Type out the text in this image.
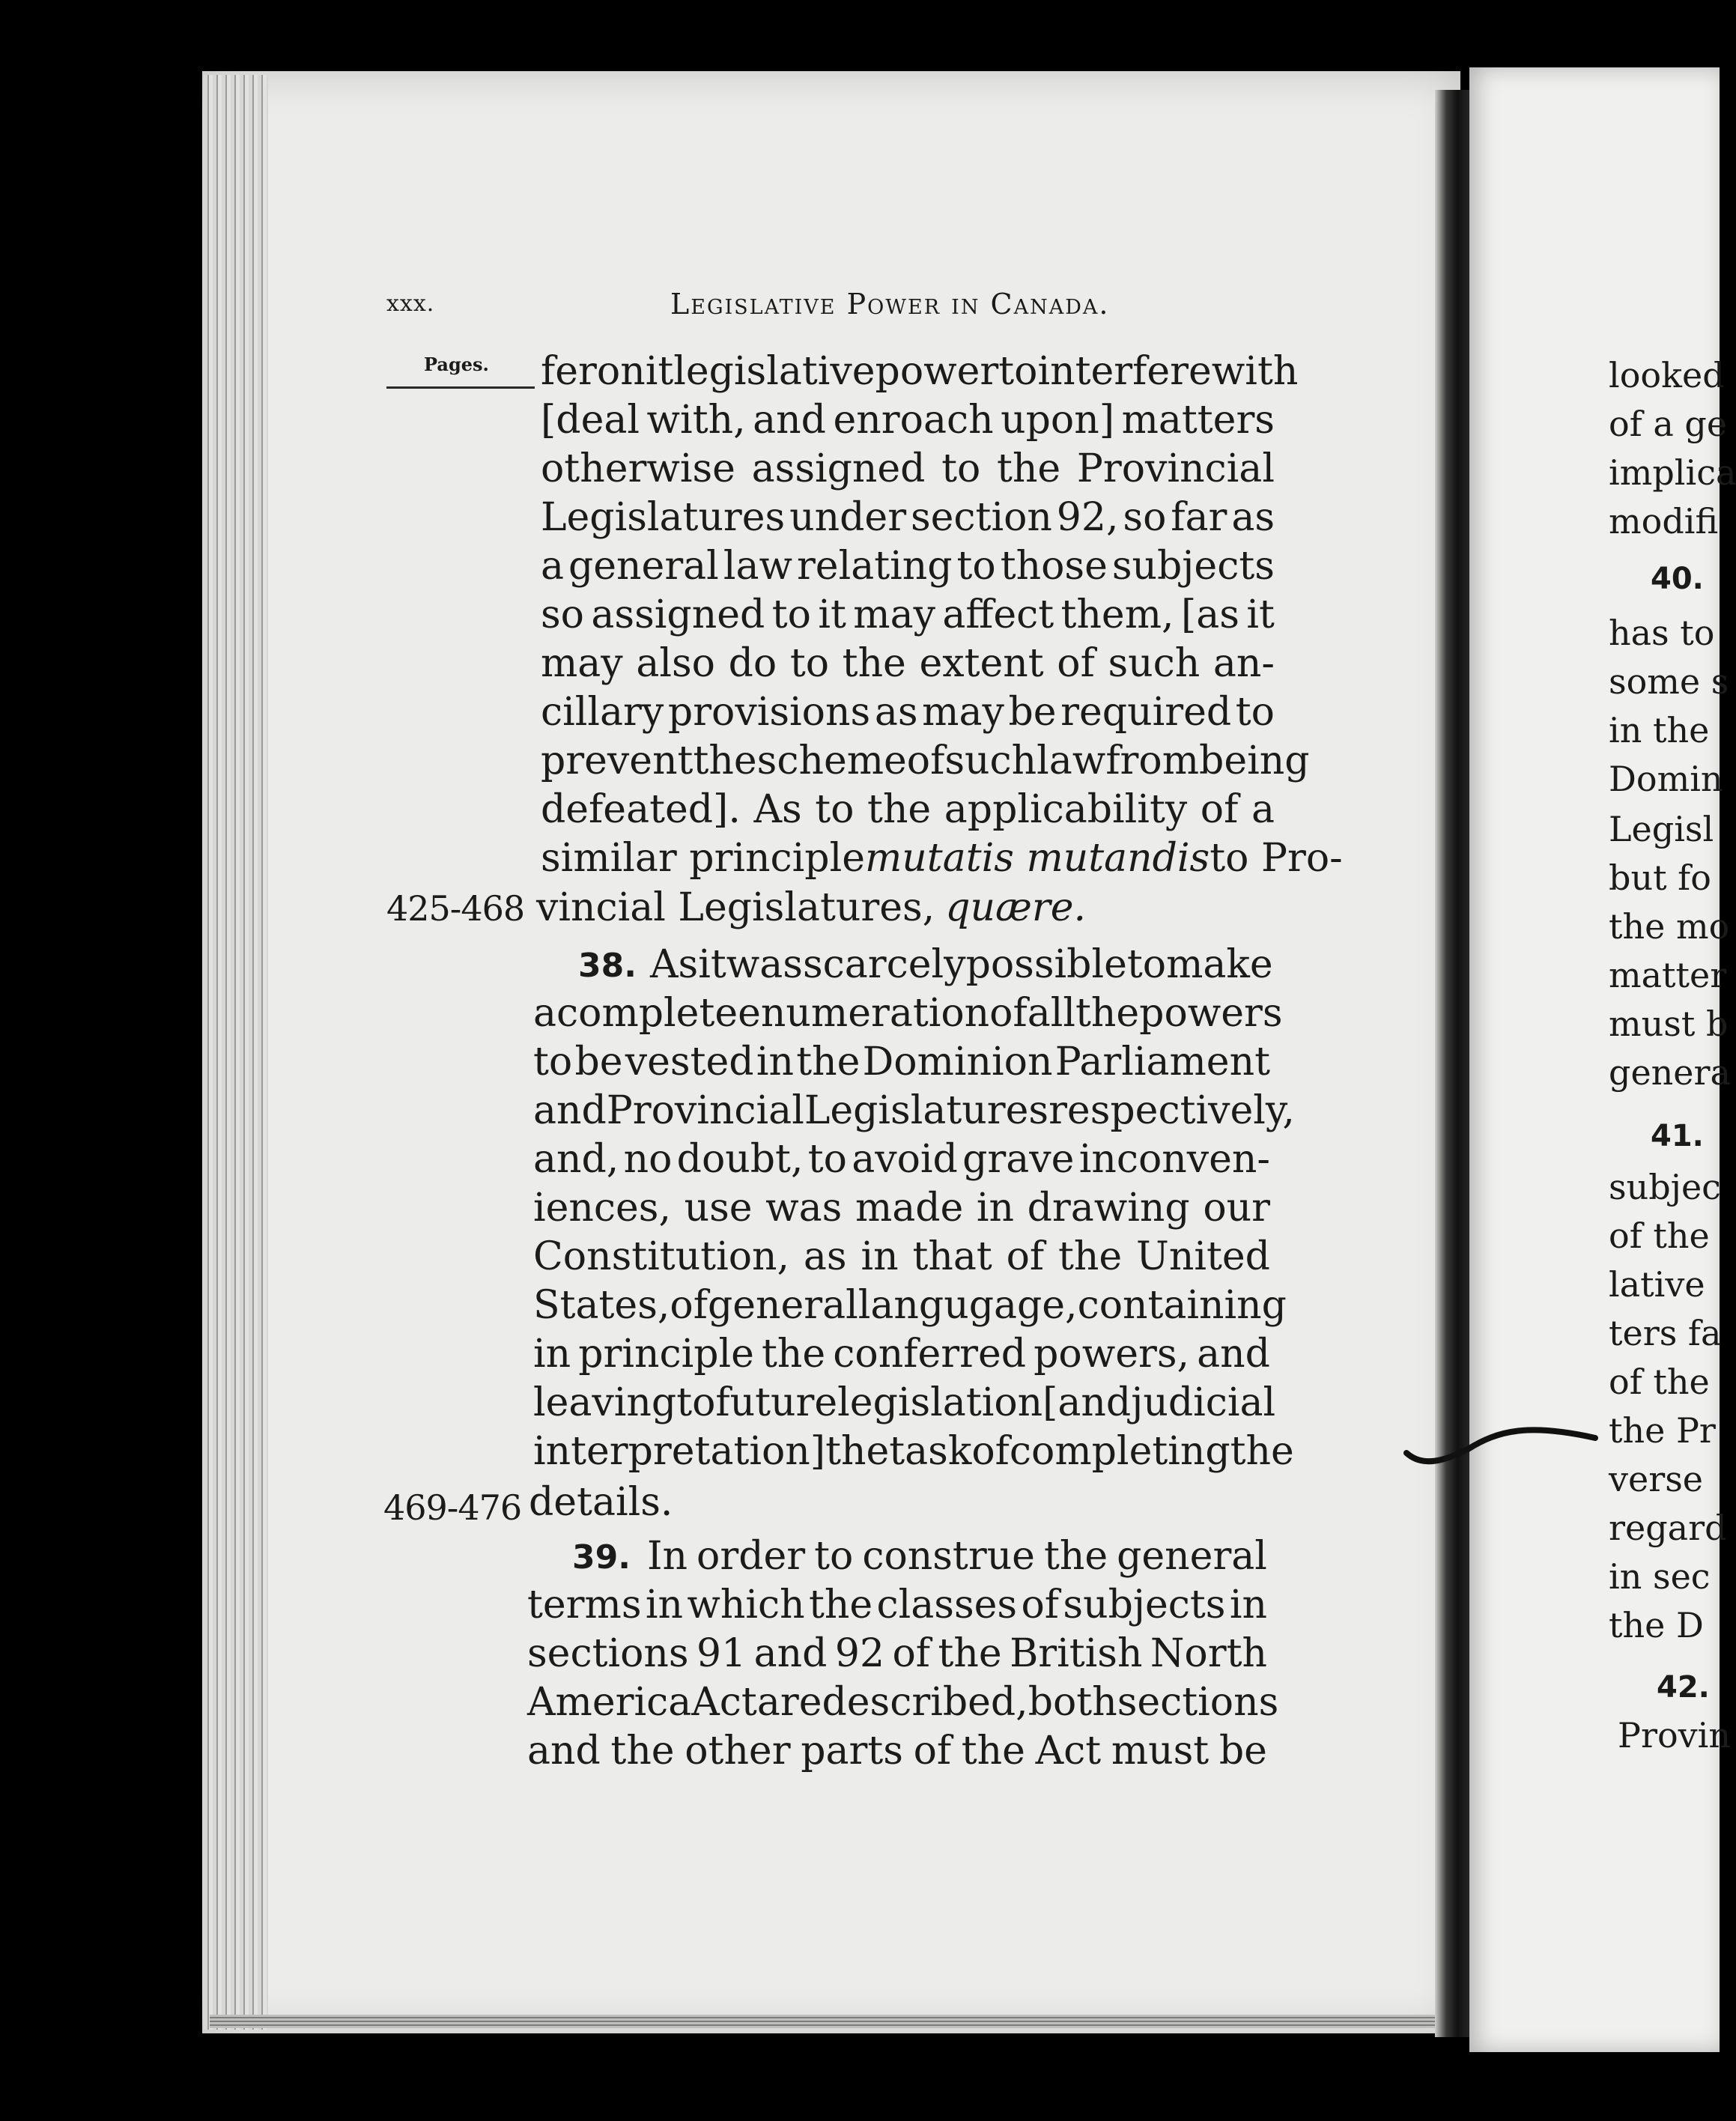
xxx.	Legislative Power in Canada.
Pages.
425-468
469-476
fer on it legislative power to interfere with
[deal with, and enroach upon] matters
otherwise assigned to the Provincial
Legislatures under section 92, so far as
a general law relating to those subjects
so assigned to it may affect them, [as it
may also do to the extent of such an-
cillary provisions as may be required to
prevent the scheme of such law from being
defeated]. As to the applicability of a
similar principle mutatis mutandis to Pro-
vincial Legislatures, quære.
38. As it was scarcely possible to make
a complete enumeration of all the powers
to be vested in the Dominion Parliament
and Provincial Legislatures respectively,
and, no doubt, to avoid grave inconven-
iences, use was made in drawing our
Constitution, as in that of the United
States, of general langugage, containing
in principle the conferred powers, and
leaving to future legislation [and judicial
interpretation] the task of completing the
details.
39. In order to construe the general
terms in which the classes of subjects in
sections 91 and 92 of the British North
America Act are described, both sections
and the other parts of the Act must be
looked
of a ge
implica
modifi
40.
has to
some s
in the
Domin
Legisl
but fo
the mo
matter
must b
genera
41.
subjec
of the
lative
ters fa
of the
the Pr
verse
regard
in sec
the D
42.
Provin
